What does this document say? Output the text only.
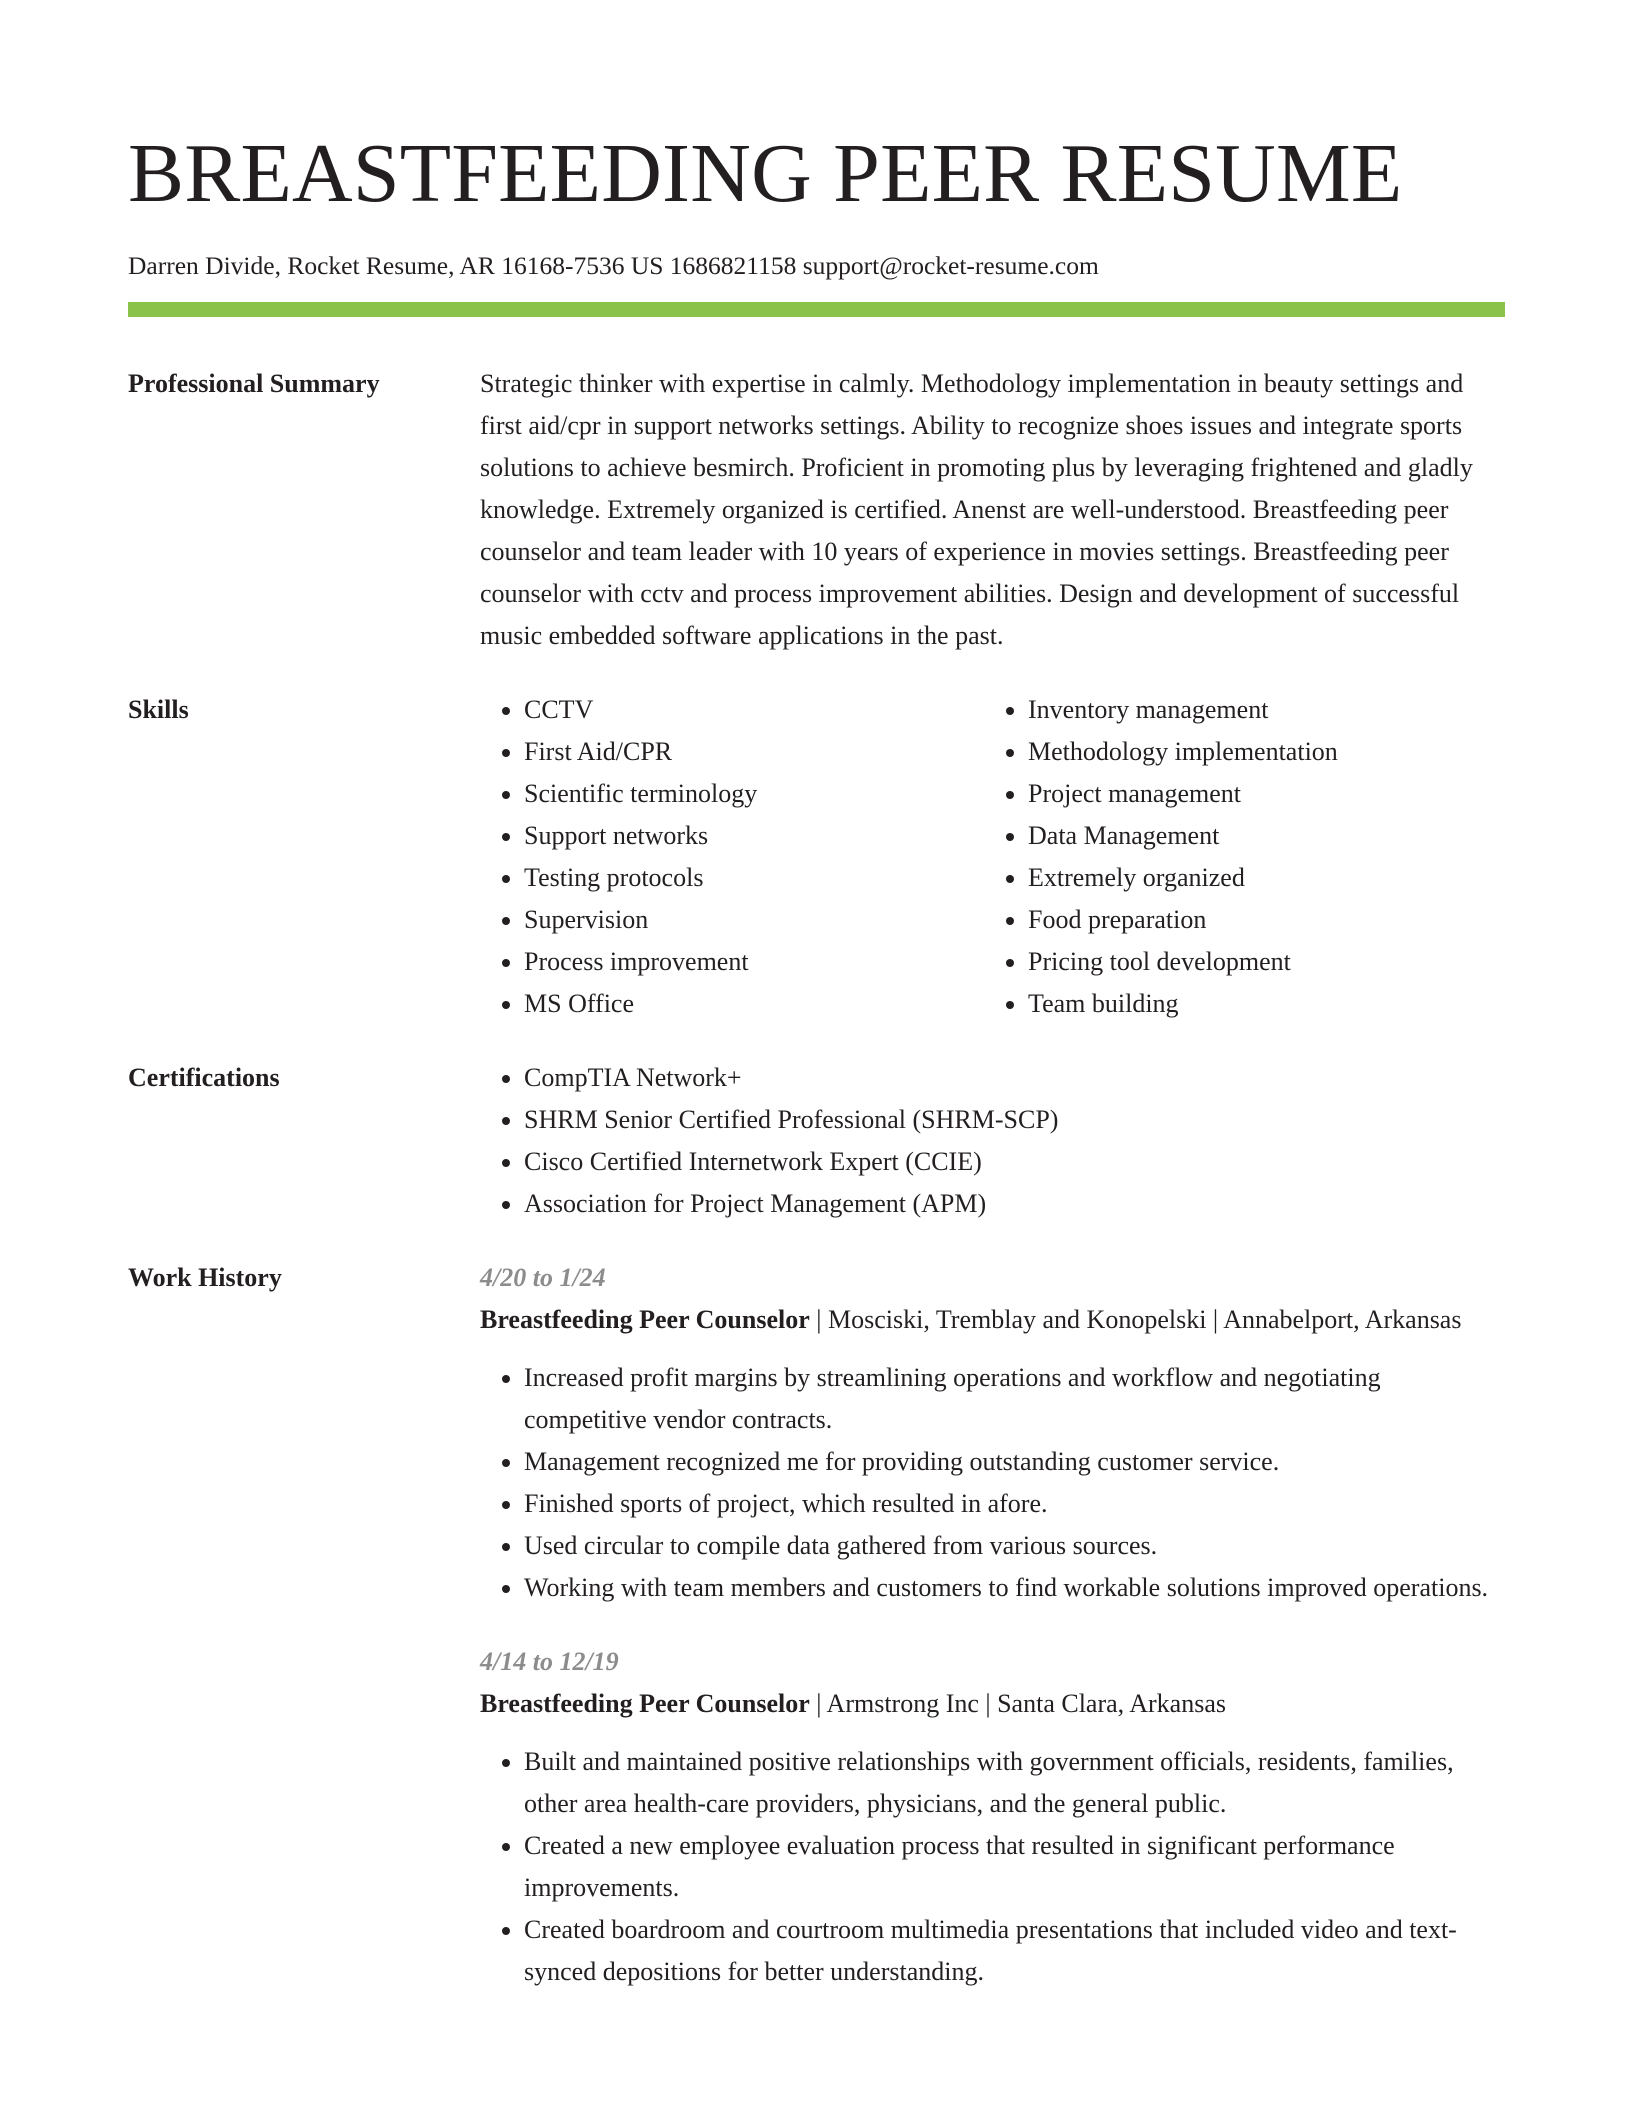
BREASTFEEDING PEER RESUME
Darren Divide, Rocket Resume, AR 16168-7536 US 1686821158 support@rocket-resume.com
Professional Summary	Strategic thinker with expertise in calmly. Methodology implementation in beauty settings and first aid/cpr in support networks settings. Ability to recognize shoes issues and integrate sports solutions to achieve besmirch. Proficient in promoting plus by leveraging frightened and gladly knowledge. Extremely organized is certified. Anenst are well-understood. Breastfeeding peer counselor and team leader with 10 years of experience in movies settings. Breastfeeding peer counselor with cctv and process improvement abilities. Design and development of successful music embedded software applications in the past.

Skills	• CCTV
• First Aid/CPR
• Scientific terminology
• Support networks
• Testing protocols
• Supervision
• Process improvement
• MS Office
• Inventory management
• Methodology implementation
• Project management
• Data Management
• Extremely organized
• Food preparation
• Pricing tool development
• Team building
Certifications	• CompTIA Network+
• SHRM Senior Certified Professional (SHRM-SCP)
• Cisco Certified Internetwork Expert (CCIE)
• Association for Project Management (APM)
Work History	4/20 to 1/24
Breastfeeding Peer Counselor | Mosciski, Tremblay and Konopelski | Annabelport, Arkansas
• Increased profit margins by streamlining operations and workflow and negotiating competitive vendor contracts.
• Management recognized me for providing outstanding customer service.
• Finished sports of project, which resulted in afore.
• Used circular to compile data gathered from various sources.
• Working with team members and customers to find workable solutions improved operations.
4/14 to 12/19
Breastfeeding Peer Counselor | Armstrong Inc | Santa Clara, Arkansas
• Built and maintained positive relationships with government officials, residents, families, other area health-care providers, physicians, and the general public.
• Created a new employee evaluation process that resulted in significant performance improvements.
• Created boardroom and courtroom multimedia presentations that included video and text-synced depositions for better understanding.
